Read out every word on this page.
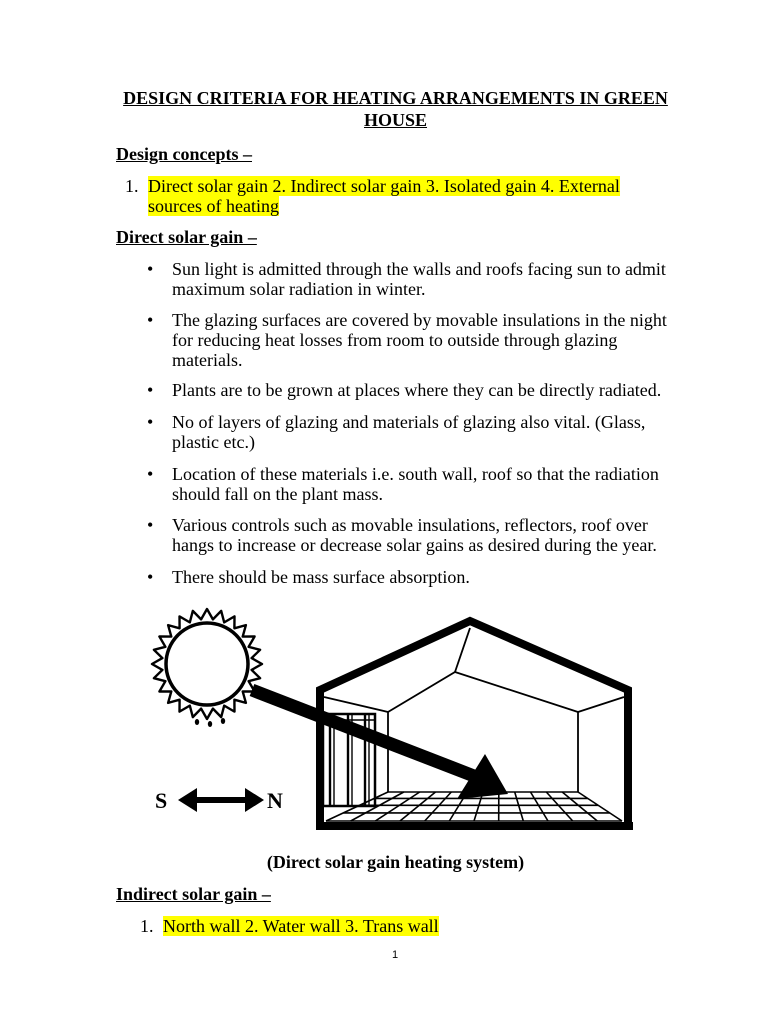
DESIGN CRITERIA FOR HEATING ARRANGEMENTS IN GREEN HOUSE
Design concepts –
1. Direct solar gain 2. Indirect solar gain 3. Isolated gain 4. External sources of heating
Direct solar gain –
• Sun light is admitted through the walls and roofs facing sun to admit maximum solar radiation in winter.
• The glazing surfaces are covered by movable insulations in the night for reducing heat losses from room to outside through glazing materials.
• Plants are to be grown at places where they can be directly radiated.
• No of layers of glazing and materials of glazing also vital. (Glass, plastic etc.)
• Location of these materials i.e. south wall, roof so that the radiation should fall on the plant mass.
• Various controls such as movable insulations, reflectors, roof over hangs to increase or decrease solar gains as desired during the year.
• There should be mass surface absorption.
S	N
(Direct solar gain heating system)
Indirect solar gain –
1. North wall 2. Water wall 3. Trans wall
1
